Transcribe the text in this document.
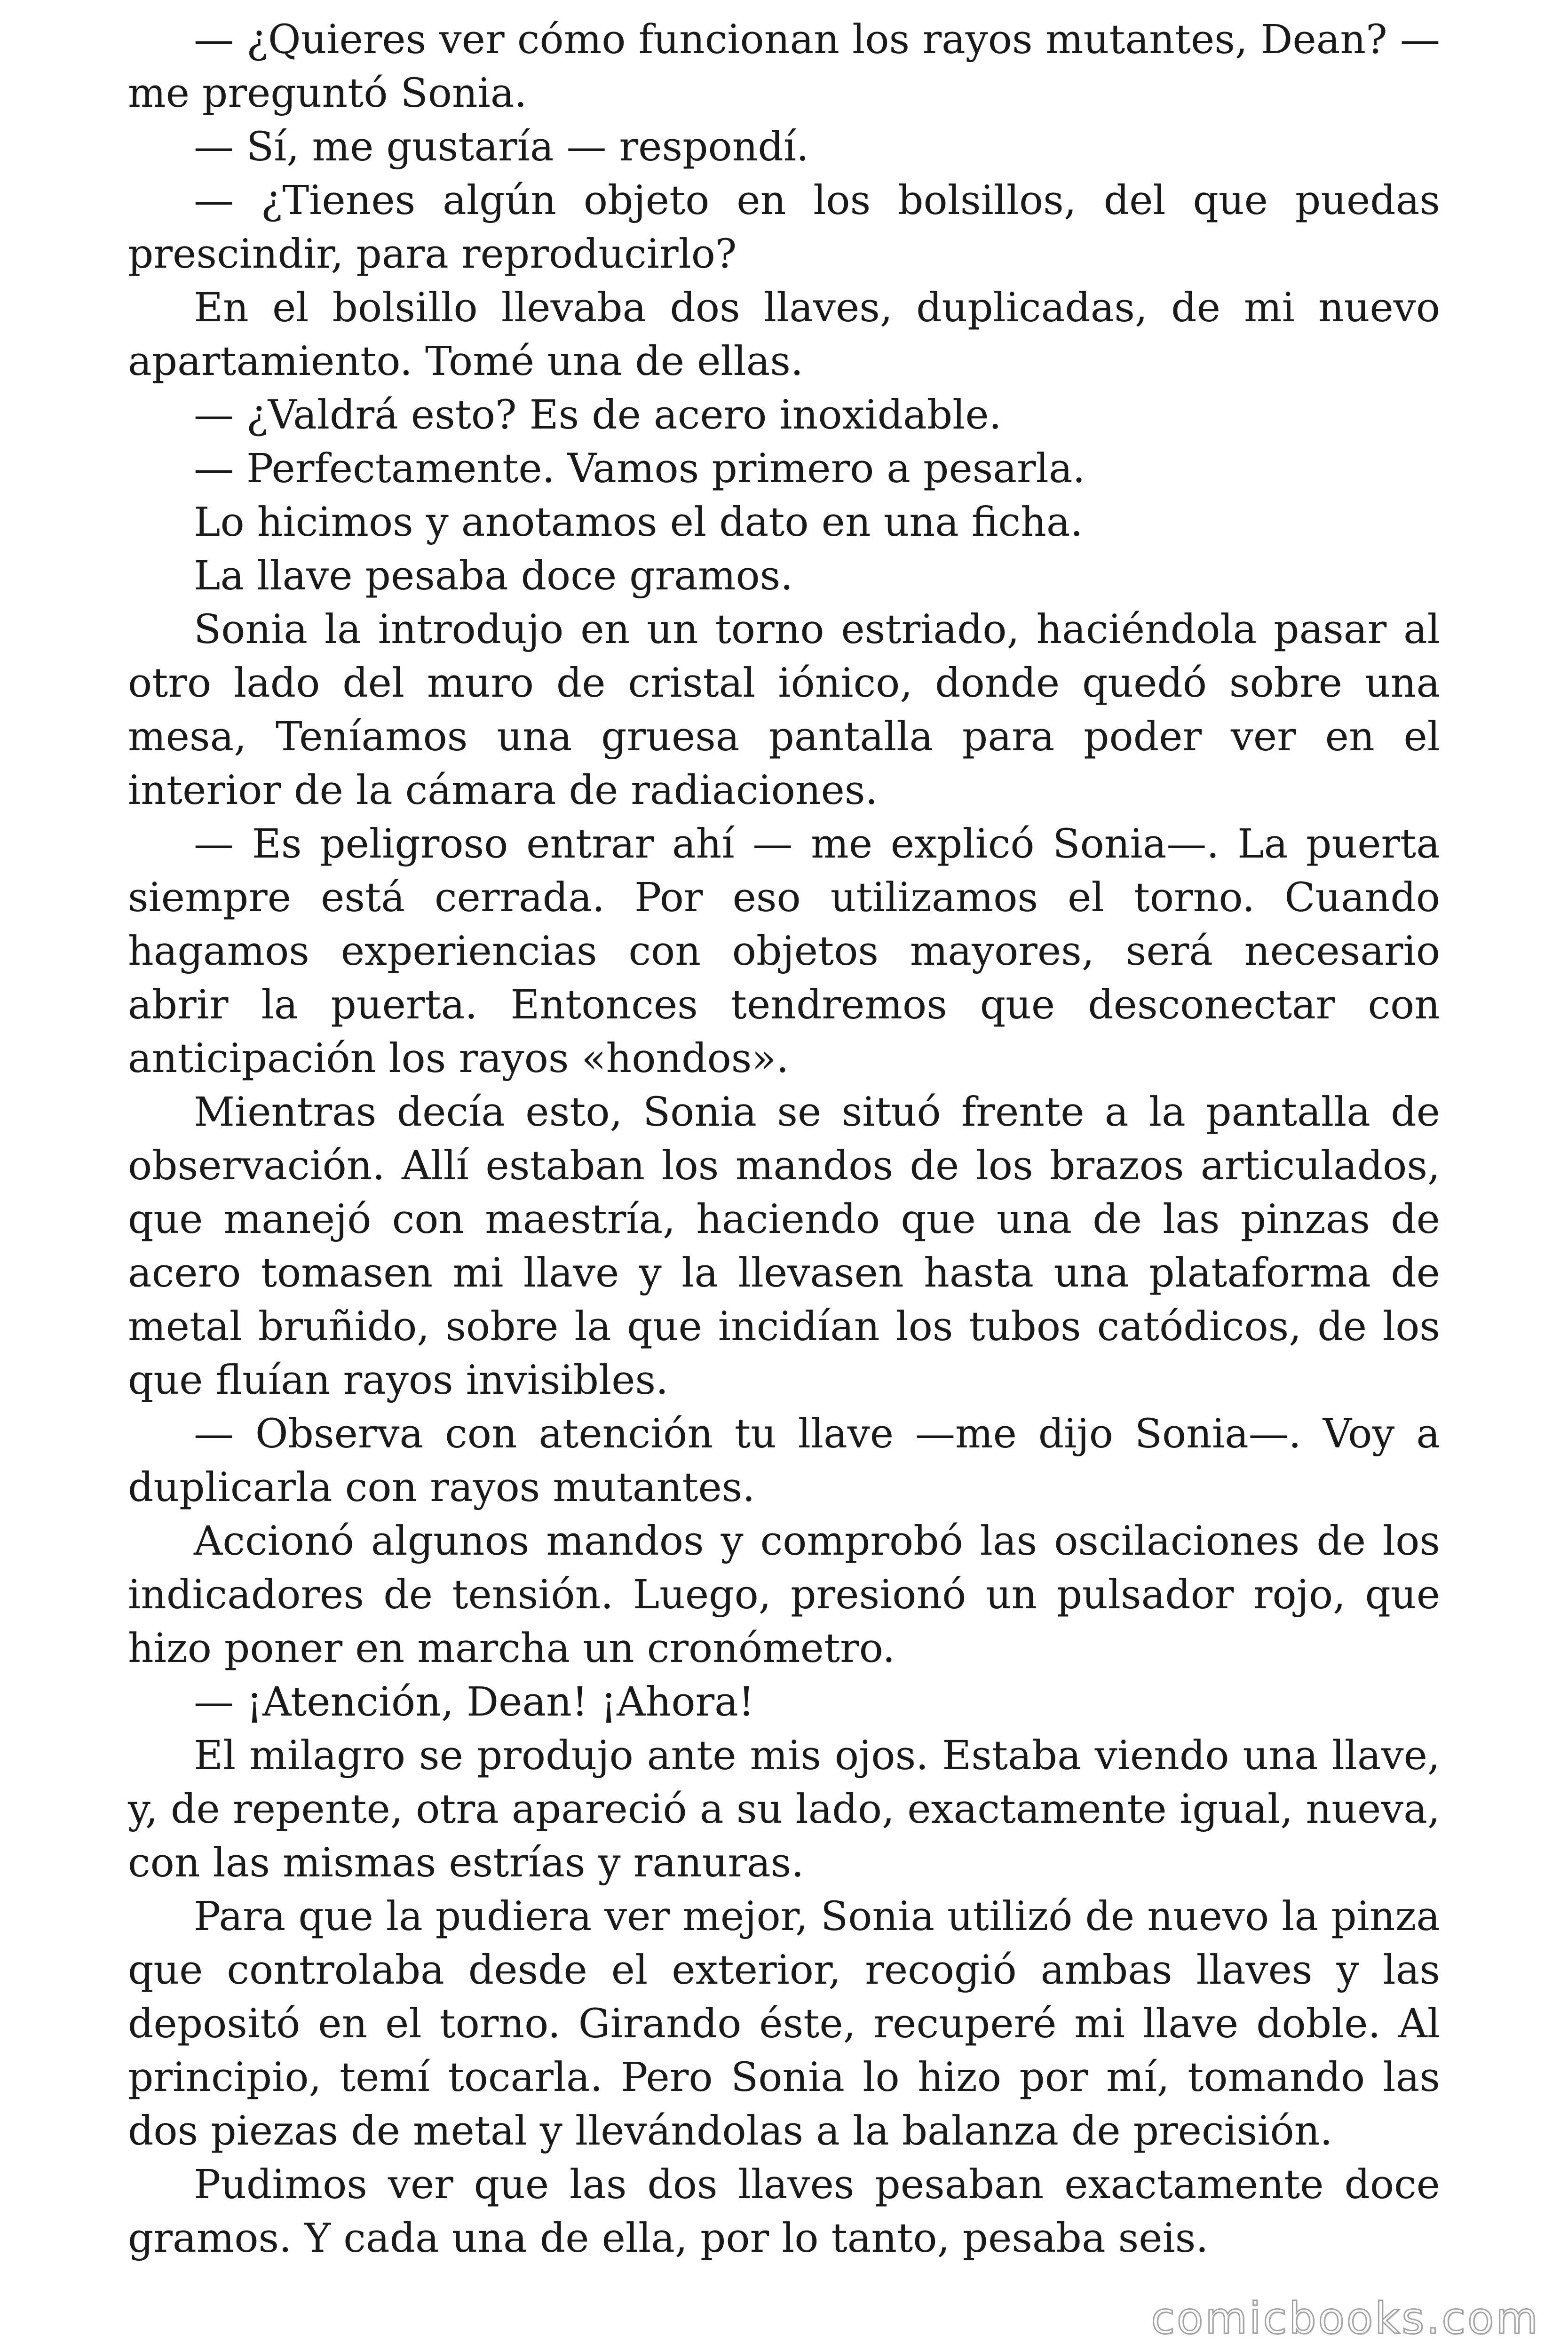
— ¿Quieres ver cómo funcionan los rayos mutantes, Dean? —me preguntó Sonia.

— Sí, me gustaría — respondí.

— ¿Tienes algún objeto en los bolsillos, del que puedas prescindir, para reproducirlo?

En el bolsillo llevaba dos llaves, duplicadas, de mi nuevo apartamiento. Tomé una de ellas.

— ¿Valdrá esto? Es de acero inoxidable.

— Perfectamente. Vamos primero a pesarla.

Lo hicimos y anotamos el dato en una ficha.

La llave pesaba doce gramos.

Sonia la introdujo en un torno estriado, haciéndola pasar al otro lado del muro de cristal iónico, donde quedó sobre una mesa, Teníamos una gruesa pantalla para poder ver en el interior de la cámara de radiaciones.

— Es peligroso entrar ahí — me explicó Sonia—. La puerta siempre está cerrada. Por eso utilizamos el torno. Cuando hagamos experiencias con objetos mayores, será necesario abrir la puerta. Entonces tendremos que desconectar con anticipación los rayos «hondos».

Mientras decía esto, Sonia se situó frente a la pantalla de observación. Allí estaban los mandos de los brazos articulados, que manejó con maestría, haciendo que una de las pinzas de acero tomasen mi llave y la llevasen hasta una plataforma de metal bruñido, sobre la que incidían los tubos catódicos, de los que fluían rayos invisibles.

— Observa con atención tu llave —me dijo Sonia—. Voy a duplicarla con rayos mutantes.

Accionó algunos mandos y comprobó las oscilaciones de los indicadores de tensión. Luego, presionó un pulsador rojo, que hizo poner en marcha un cronómetro.

— ¡Atención, Dean! ¡Ahora!

El milagro se produjo ante mis ojos. Estaba viendo una llave, y, de repente, otra apareció a su lado, exactamente igual, nueva, con las mismas estrías y ranuras.

Para que la pudiera ver mejor, Sonia utilizó de nuevo la pinza que controlaba desde el exterior, recogió ambas llaves y las depositó en el torno. Girando éste, recuperé mi llave doble. Al principio, temí tocarla. Pero Sonia lo hizo por mí, tomando las dos piezas de metal y llevándolas a la balanza de precisión.

Pudimos ver que las dos llaves pesaban exactamente doce gramos. Y cada una de ella, por lo tanto, pesaba seis.

comicbooks.com
